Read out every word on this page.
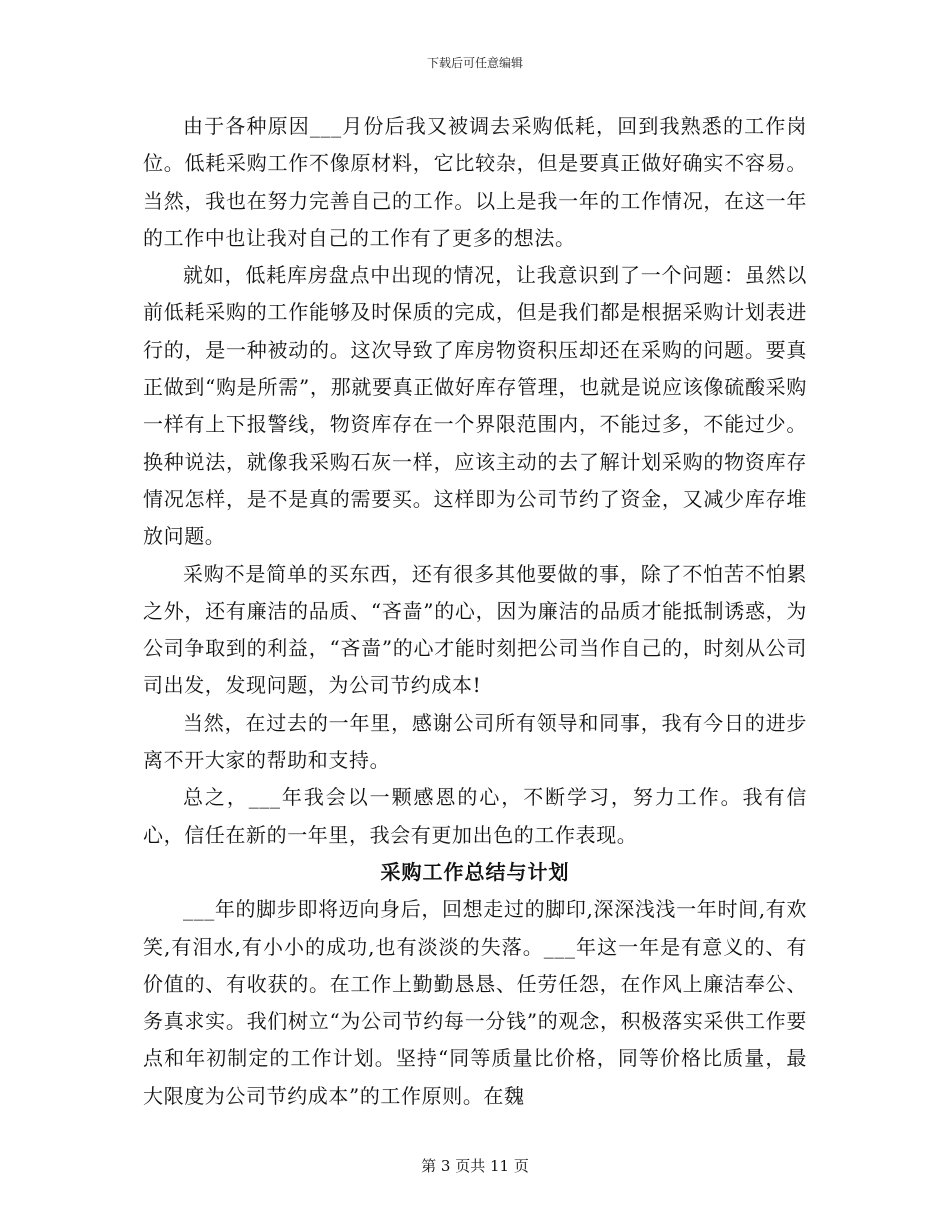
下载后可任意编辑

由于各种原因___月份后我又被调去采购低耗，回到我熟悉的工作岗位。低耗采购工作不像原材料，它比较杂，但是要真正做好确实不容易。当然，我也在努力完善自己的工作。以上是我一年的工作情况，在这一年的工作中也让我对自己的工作有了更多的想法。

就如，低耗库房盘点中出现的情况，让我意识到了一个问题：虽然以前低耗采购的工作能够及时保质的完成，但是我们都是根据采购计划表进行的，是一种被动的。这次导致了库房物资积压却还在采购的问题。要真正做到“购是所需”，那就要真正做好库存管理，也就是说应该像硫酸采购一样有上下报警线，物资库存在一个界限范围内，不能过多，不能过少。换种说法，就像我采购石灰一样，应该主动的去了解计划采购的物资库存情况怎样，是不是真的需要买。这样即为公司节约了资金，又减少库存堆放问题。

采购不是简单的买东西，还有很多其他要做的事，除了不怕苦不怕累之外，还有廉洁的品质、“吝啬”的心，因为廉洁的品质才能抵制诱惑，为公司争取到的利益，“吝啬”的心才能时刻把公司当作自己的，时刻从公司司出发，发现问题，为公司节约成本!

当然，在过去的一年里，感谢公司所有领导和同事，我有今日的进步离不开大家的帮助和支持。

总之，___年我会以一颗感恩的心，不断学习，努力工作。我有信心，信任在新的一年里，我会有更加出色的工作表现。

采购工作总结与计划

___年的脚步即将迈向身后，回想走过的脚印,深深浅浅一年时间,有欢笑,有泪水,有小小的成功,也有淡淡的失落。___年这一年是有意义的、有价值的、有收获的。在工作上勤勤恳恳、任劳任怨，在作风上廉洁奉公、务真求实。我们树立“为公司节约每一分钱”的观念，积极落实采供工作要点和年初制定的工作计划。坚持“同等质量比价格，同等价格比质量，最大限度为公司节约成本”的工作原则。在魏

第 3 页共 11 页
